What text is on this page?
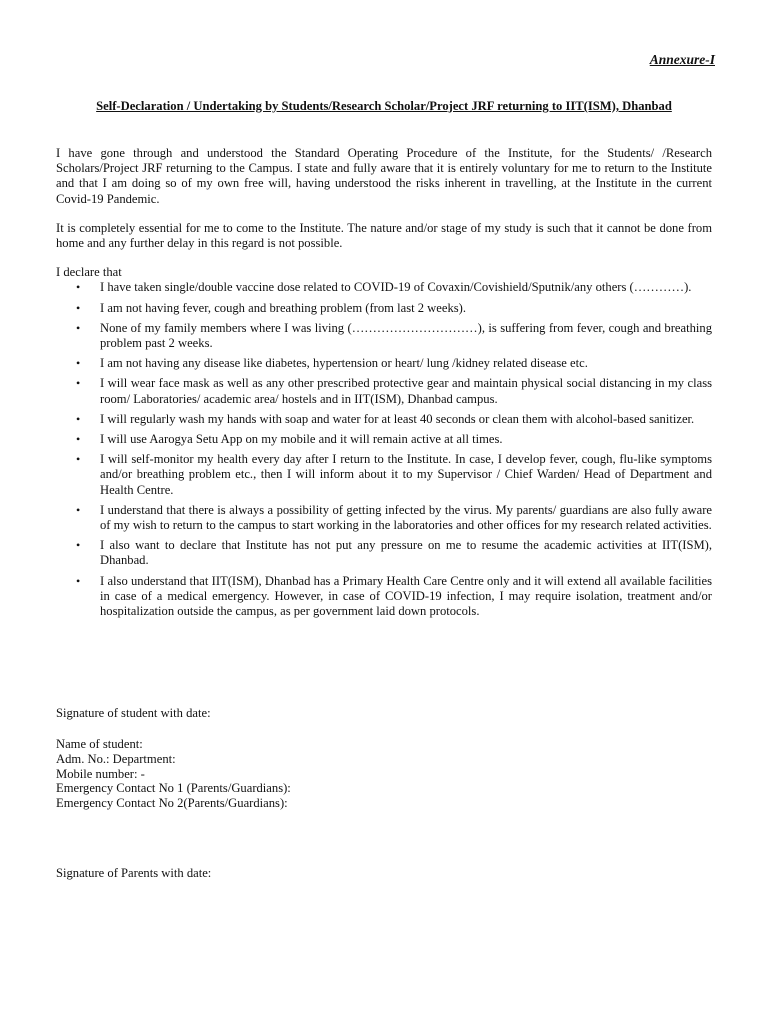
Annexure-I
Self-Declaration / Undertaking by Students/Research Scholar/Project JRF returning to IIT(ISM), Dhanbad

I have gone through and understood the Standard Operating Procedure of the Institute, for the Students/ /Research Scholars/Project JRF returning to the Campus. I state and fully aware that it is entirely voluntary for me to return to the Institute and that I am doing so of my own free will, having understood the risks inherent in travelling, at the Institute in the current Covid-19 Pandemic.

It is completely essential for me to come to the Institute. The nature and/or stage of my study is such that it cannot be done from home and any further delay in this regard is not possible.

I declare that

• I have taken single/double vaccine dose related to COVID-19 of Covaxin/Covishield/Sputnik/any others (…………).
• I am not having fever, cough and breathing problem (from last 2 weeks).
• None of my family members where I was living (…………………………), is suffering from fever, cough and breathing problem past 2 weeks.
• I am not having any disease like diabetes, hypertension or heart/ lung /kidney related disease etc.
• I will wear face mask as well as any other prescribed protective gear and maintain physical social distancing in my class room/ Laboratories/ academic area/ hostels and in IIT(ISM), Dhanbad campus.
• I will regularly wash my hands with soap and water for at least 40 seconds or clean them with alcohol-based sanitizer.
• I will use Aarogya Setu App on my mobile and it will remain active at all times.
• I will self-monitor my health every day after I return to the Institute. In case, I develop fever, cough, flu-like symptoms and/or breathing problem etc., then I will inform about it to my Supervisor / Chief Warden/ Head of Department and Health Centre.
• I understand that there is always a possibility of getting infected by the virus. My parents/ guardians are also fully aware of my wish to return to the campus to start working in the laboratories and other offices for my research related activities.
• I also want to declare that Institute has not put any pressure on me to resume the academic activities at IIT(ISM), Dhanbad.
• I also understand that IIT(ISM), Dhanbad has a Primary Health Care Centre only and it will extend all available facilities in case of a medical emergency. However, in case of COVID-19 infection, I may require isolation, treatment and/or hospitalization outside the campus, as per government laid down protocols.
Signature of student with date:
Name of student:
Adm. No.: Department:
Mobile number: -
Emergency Contact No 1 (Parents/Guardians):
Emergency Contact No 2(Parents/Guardians):
Signature of Parents with date:
